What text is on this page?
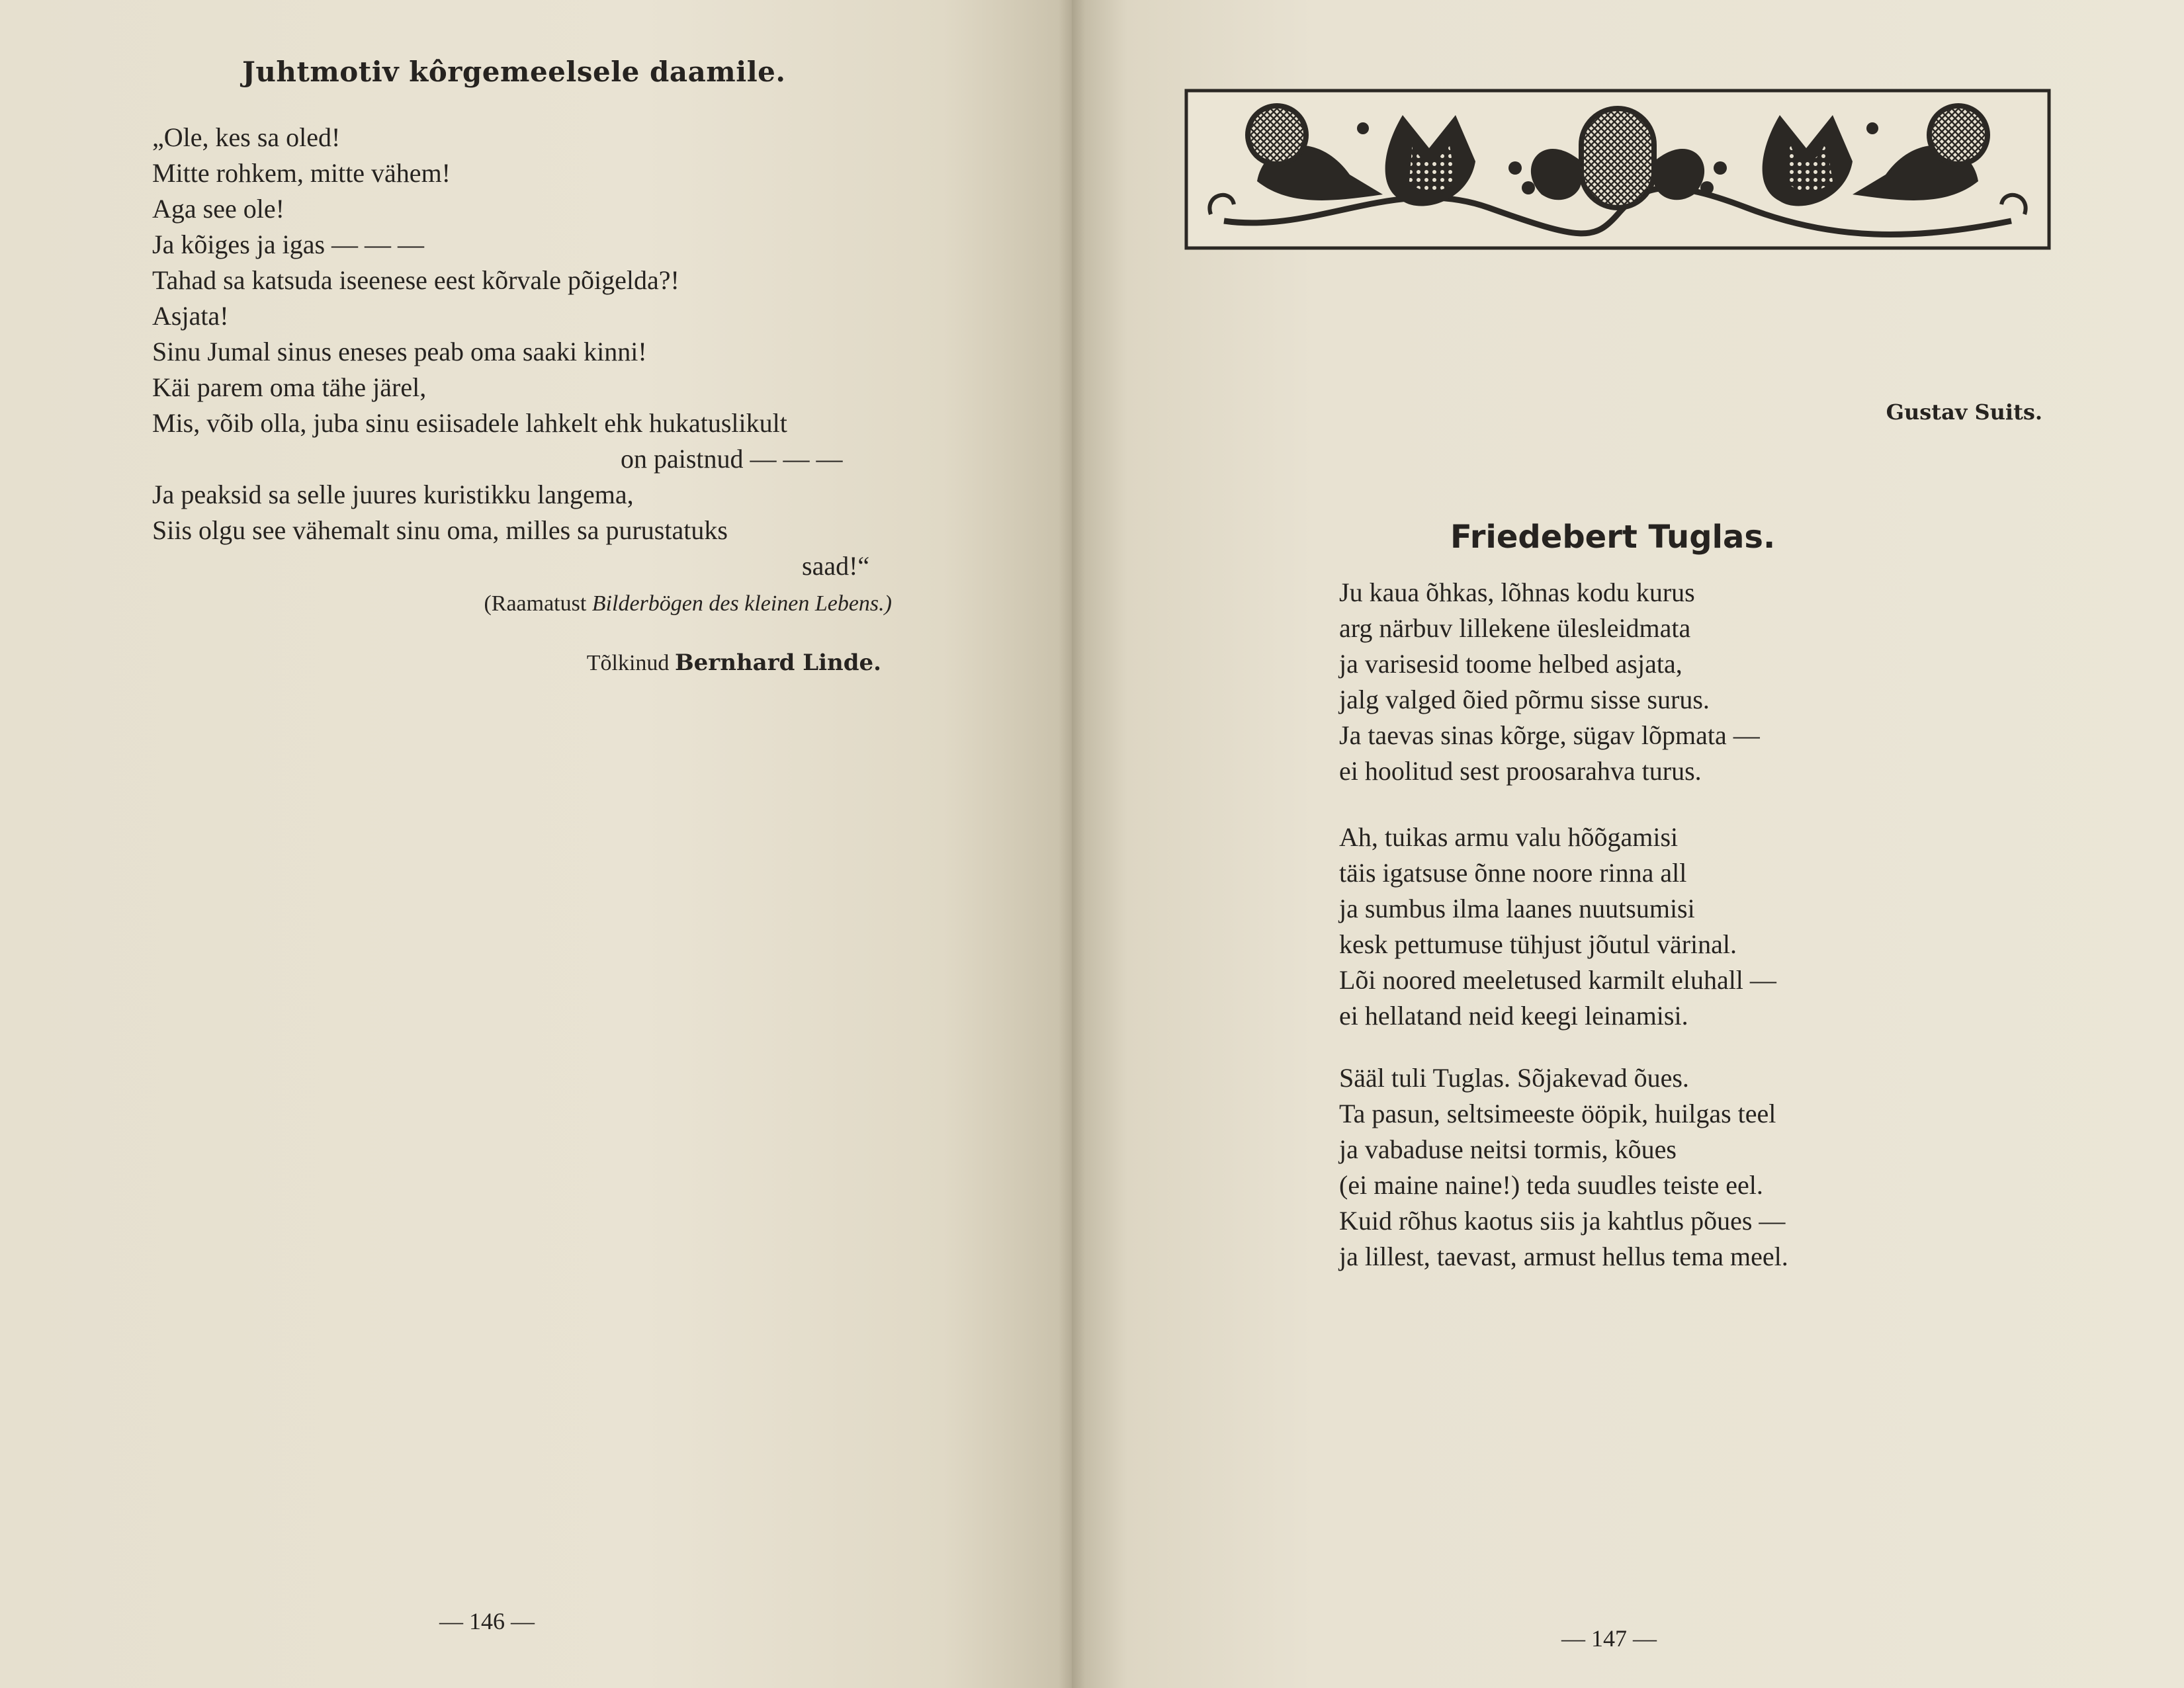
Juhtmotiv kôrgemeelsele daamile.

„Ole, kes sa oled!

Mitte rohkem, mitte vähem!

Aga see ole!

Ja kõiges ja igas — — —

Tahad sa katsuda iseenese eest kõrvale põigelda?!

Asjata!

Sinu Jumal sinus eneses peab oma saaki kinni!

Käi parem oma tähe järel,

Mis, võib olla, juba sinu esiisadele lahkelt ehk hukatuslikult

on paistnud — — —

Ja peaksid sa selle juures kuristikku langema,

Siis olgu see vähemalt sinu oma, milles sa purustatuks

saad!“

(Raamatust Bilderbögen des kleinen Lebens.)
Tõlkinud Bernhard Linde.
— 146 —
Gustav Suits.
Friedebert Tuglas.

Ju kaua õhkas, lõhnas kodu kurus

arg närbuv lillekene ülesleidmata

ja varisesid toome helbed asjata,

jalg valged õied põrmu sisse surus.

Ja taevas sinas kõrge, sügav lõpmata —

ei hoolitud sest proosarahva turus.

Ah, tuikas armu valu hõõgamisi

täis igatsuse õnne noore rinna all

ja sumbus ilma laanes nuutsumisi

kesk pettumuse tühjust jõutul värinal.

Lõi noored meeletused karmilt eluhall —

ei hellatand neid keegi leinamisi.

Sääl tuli Tuglas. Sõjakevad õues.

Ta pasun, seltsimeeste ööpik, huilgas teel

ja vabaduse neitsi tormis, kõues

(ei maine naine!) teda suudles teiste eel.

Kuid rõhus kaotus siis ja kahtlus põues —

ja lillest, taevast, armust hellus tema meel.

— 147 —
